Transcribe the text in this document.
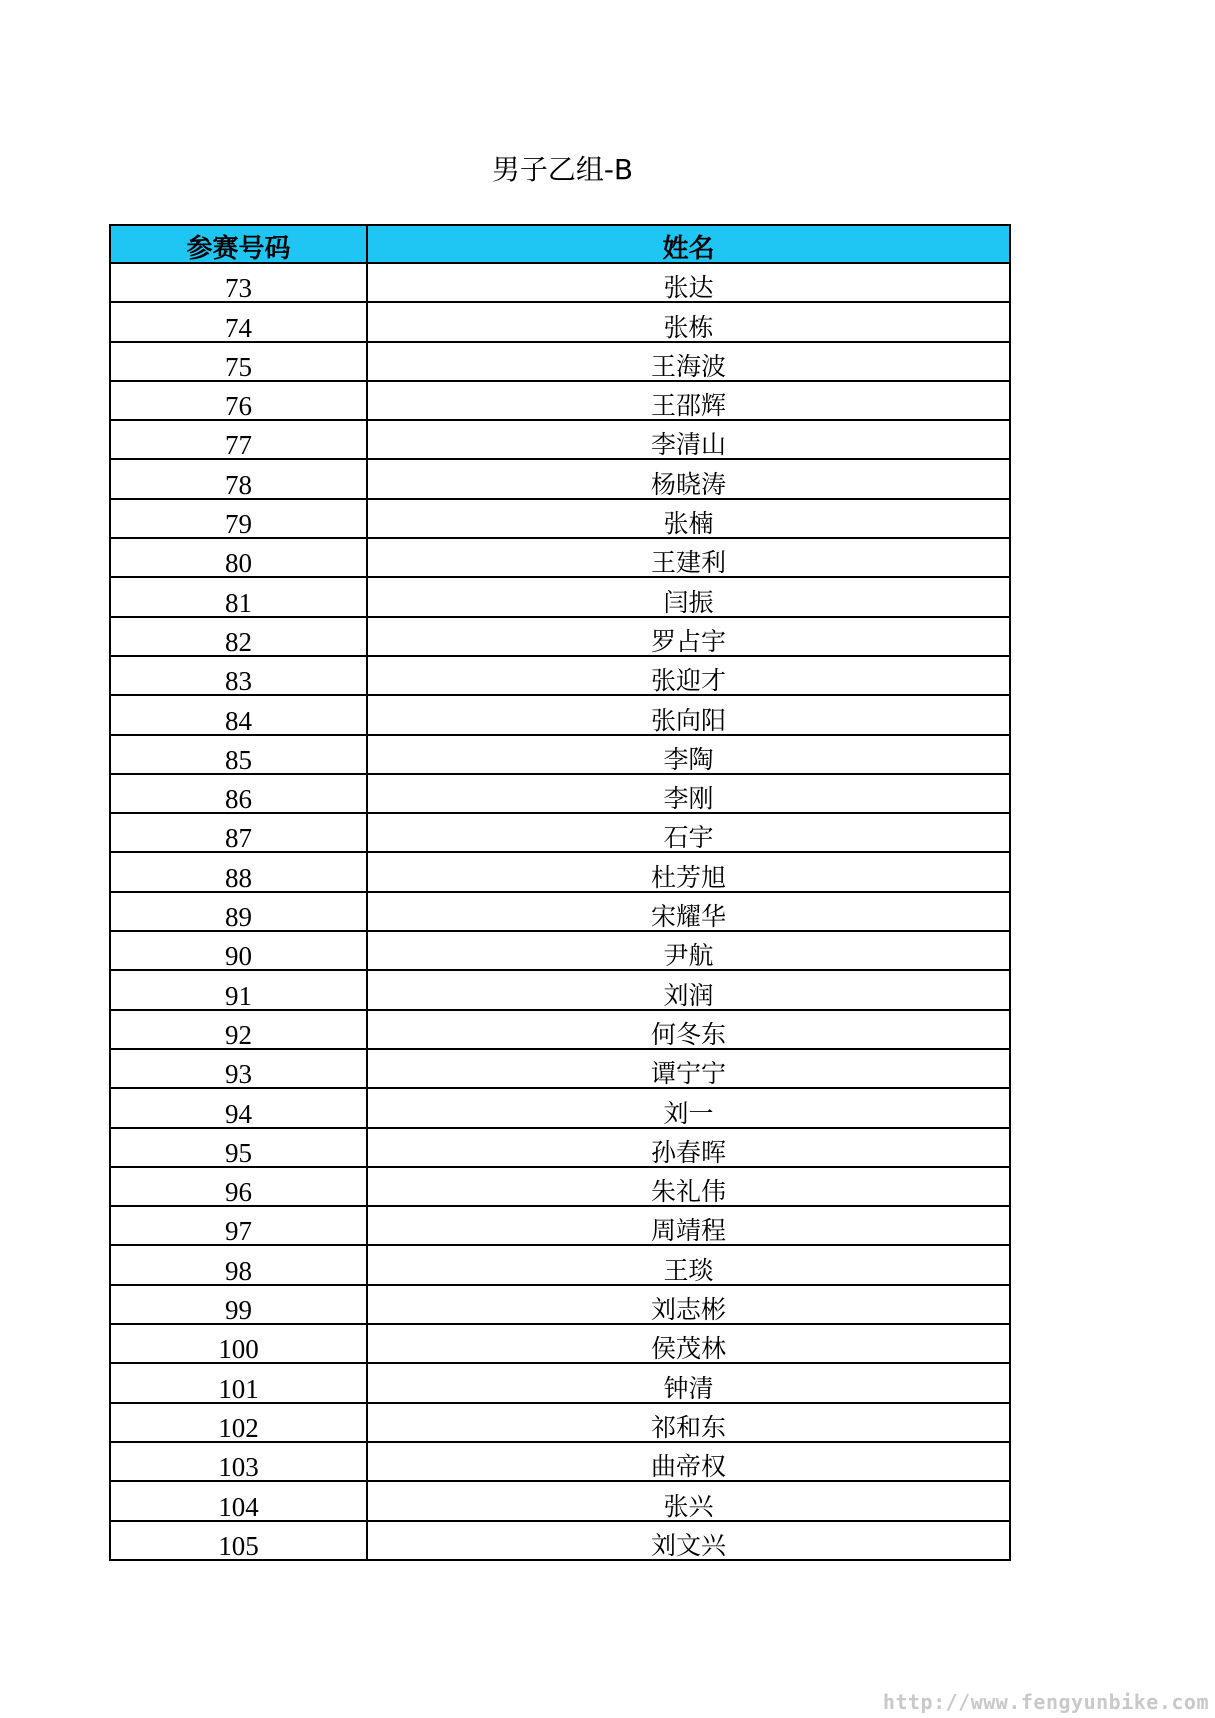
男子乙组-B
参赛号码	姓名
73	张达
74	张栋
75	王海波
76	王邵辉
77	李清山
78	杨晓涛
79	张楠
80	王建利
81	闫振
82	罗占宇
83	张迎才
84	张向阳
85	李陶
86	李刚
87	石宇
88	杜芳旭
89	宋耀华
90	尹航
91	刘润
92	何冬东
93	谭宁宁
94	刘一
95	孙春晖
96	朱礼伟
97	周靖程
98	王琰
99	刘志彬
100	侯茂林
101	钟清
102	祁和东
103	曲帝权
104	张兴
105	刘文兴
http://www.fengyunbike.com
